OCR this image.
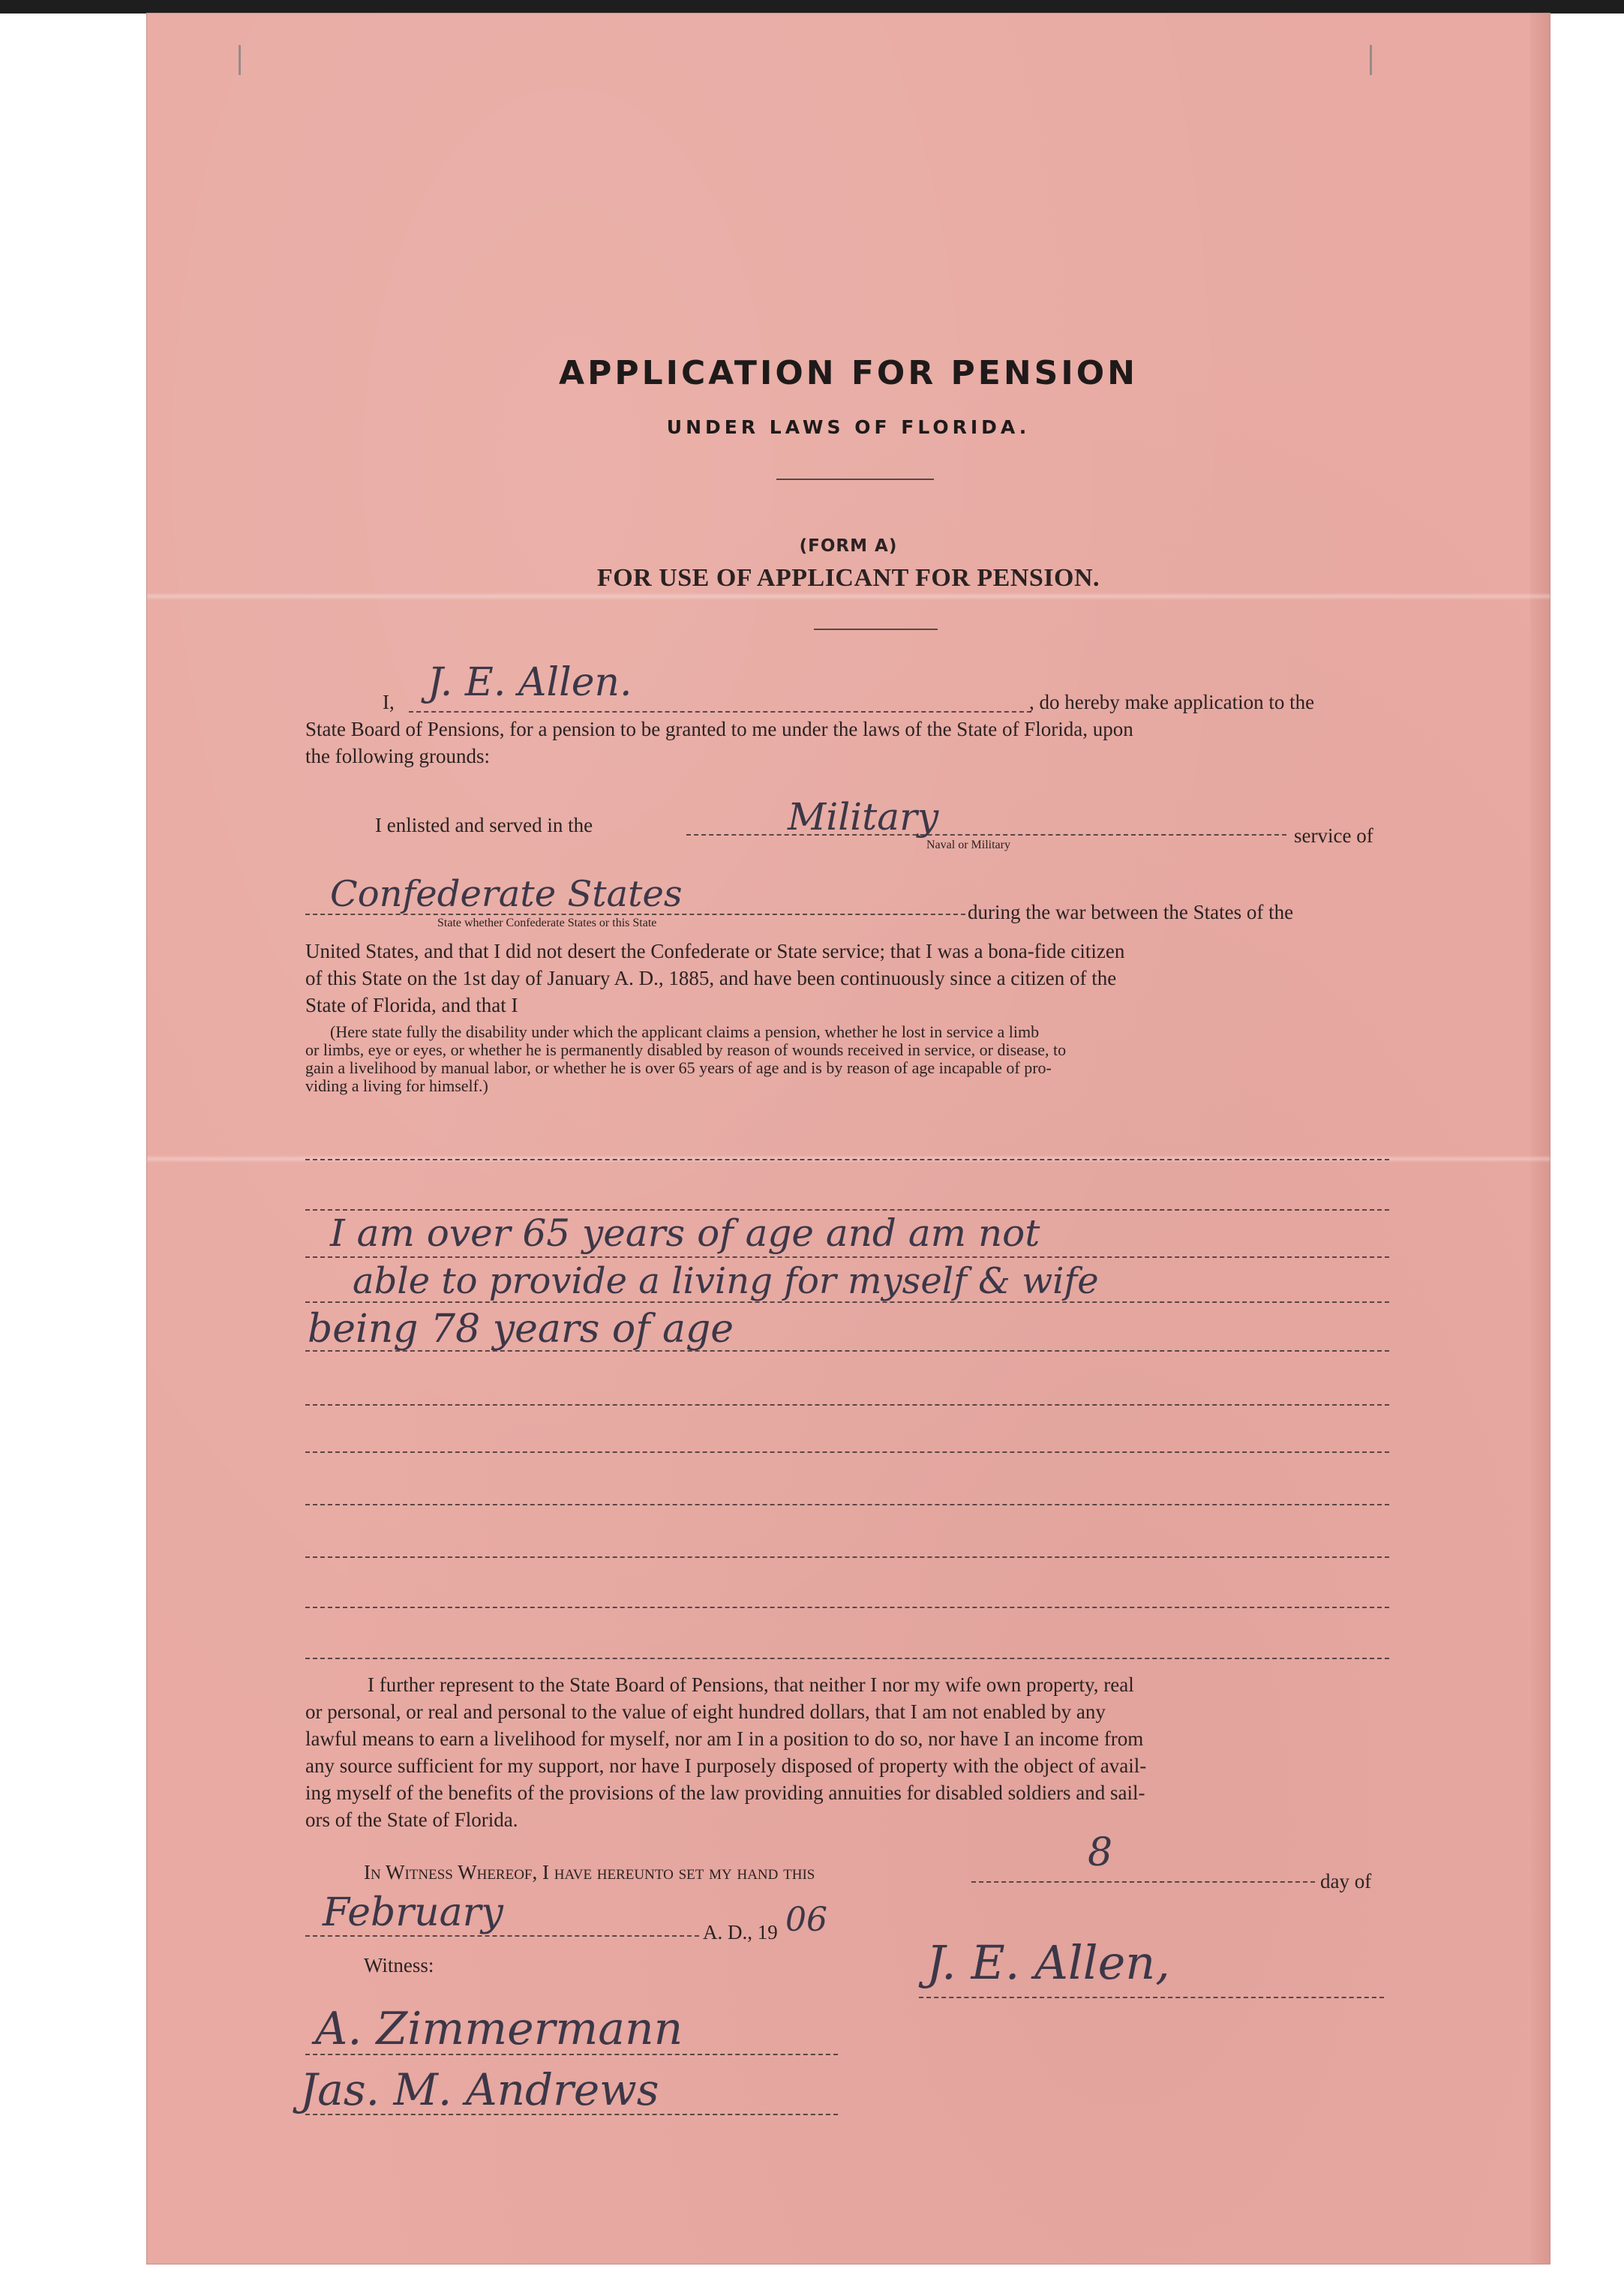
APPLICATION FOR PENSION
UNDER LAWS OF FLORIDA.
(FORM A)
FOR USE OF APPLICANT FOR PENSION.
I, J. E. Allen.	, do hereby make application to the
State Board of Pensions, for a pension to be granted to me under the laws of the State of Florida, upon
the following grounds:
I enlisted and served in the	Military	service of
Naval or Military
Confederate States	during the war between the States of the
State whether Confederate States or this State
United States, and that I did not desert the Confederate or State service; that I was a bona-fide citizen
of this State on the 1st day of January A. D., 1885, and have been continuously since a citizen of the
State of Florida, and that I
(Here state fully the disability under which the applicant claims a pension, whether he lost in service a limb
or limbs, eye or eyes, or whether he is permanently disabled by reason of wounds received in service, or disease, to
gain a livelihood by manual labor, or whether he is over 65 years of age and is by reason of age incapable of pro-
viding a living for himself.)
I am over 65 years of age and am not
able to provide a living for myself & wife
being 78 years of age
I further represent to the State Board of Pensions, that neither I nor my wife own property, real
or personal, or real and personal to the value of eight hundred dollars, that I am not enabled by any
lawful means to earn a livelihood for myself, nor am I in a position to do so, nor have I an income from
any source sufficient for my support, nor have I purposely disposed of property with the object of avail-
ing myself of the benefits of the provisions of the law providing annuities for disabled soldiers and sail-
ors of the State of Florida.
In Witness Whereof, I have hereunto set my hand this	8
day of
February	A. D., 19 06
Witness:	J. E. Allen,
A. Zimmermann
Jas. M. Andrews
